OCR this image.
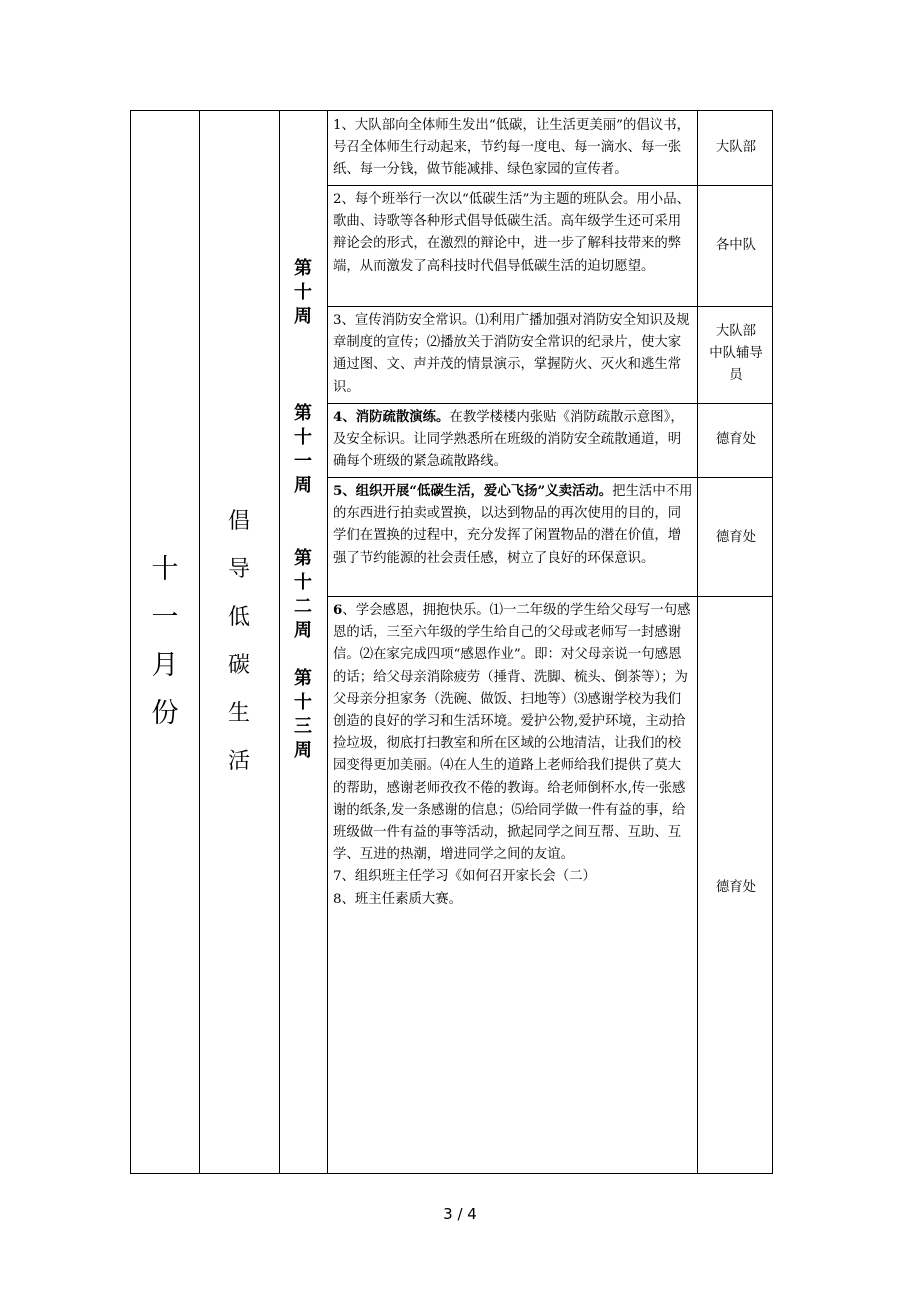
十
一
月
份
倡
导
低
碳
生
活
第
十
周
第
十
一
周
第
十
二
周
第
十
三
周
1、大队部向全体师生发出“低碳，让生活更美丽”的倡议书，号召全体师生行动起来，节约每一度电、每一滴水、每一张纸、每一分钱，做节能减排、绿色家园的宣传者。
大队部
2、每个班举行一次以“低碳生活”为主题的班队会。用小品、歌曲、诗歌等各种形式倡导低碳生活。高年级学生还可采用辩论会的形式，在激烈的辩论中，进一步了解科技带来的弊端，从而激发了高科技时代倡导低碳生活的迫切愿望。
各中队
3、宣传消防安全常识。⑴利用广播加强对消防安全知识及规章制度的宣传；⑵播放关于消防安全常识的纪录片，使大家通过图、文、声并茂的情景演示，掌握防火、灭火和逃生常识。
大队部
中队辅导
员
4、消防疏散演练。在教学楼楼内张贴《消防疏散示意图》，及安全标识。让同学熟悉所在班级的消防安全疏散通道，明确每个班级的紧急疏散路线。
德育处
5、组织开展“低碳生活，爱心飞扬”义卖活动。把生活中不用的东西进行拍卖或置换，以达到物品的再次使用的目的，同学们在置换的过程中，充分发挥了闲置物品的潜在价值，增强了节约能源的社会责任感，树立了良好的环保意识。
德育处
6、学会感恩，拥抱快乐。⑴一二年级的学生给父母写一句感恩的话，三至六年级的学生给自己的父母或老师写一封感谢信。⑵在家完成四项“感恩作业”。即：对父母亲说一句感恩的话；给父母亲消除疲劳（捶背、洗脚、梳头、倒茶等）；为父母亲分担家务（洗碗、做饭、扫地等）⑶感谢学校为我们创造的良好的学习和生活环境。爱护公物,爱护环境，主动拾捡垃圾，彻底打扫教室和所在区域的公地清洁，让我们的校园变得更加美丽。⑷在人生的道路上老师给我们提供了莫大的帮助，感谢老师孜孜不倦的教诲。给老师倒杯水,传一张感谢的纸条,发一条感谢的信息；⑸给同学做一件有益的事，给班级做一件有益的事等活动，掀起同学之间互帮、互助、互学、互进的热潮，增进同学之间的友谊。
7、组织班主任学习《如何召开家长会（二）
8、班主任素质大赛。
德育处
3 / 4
